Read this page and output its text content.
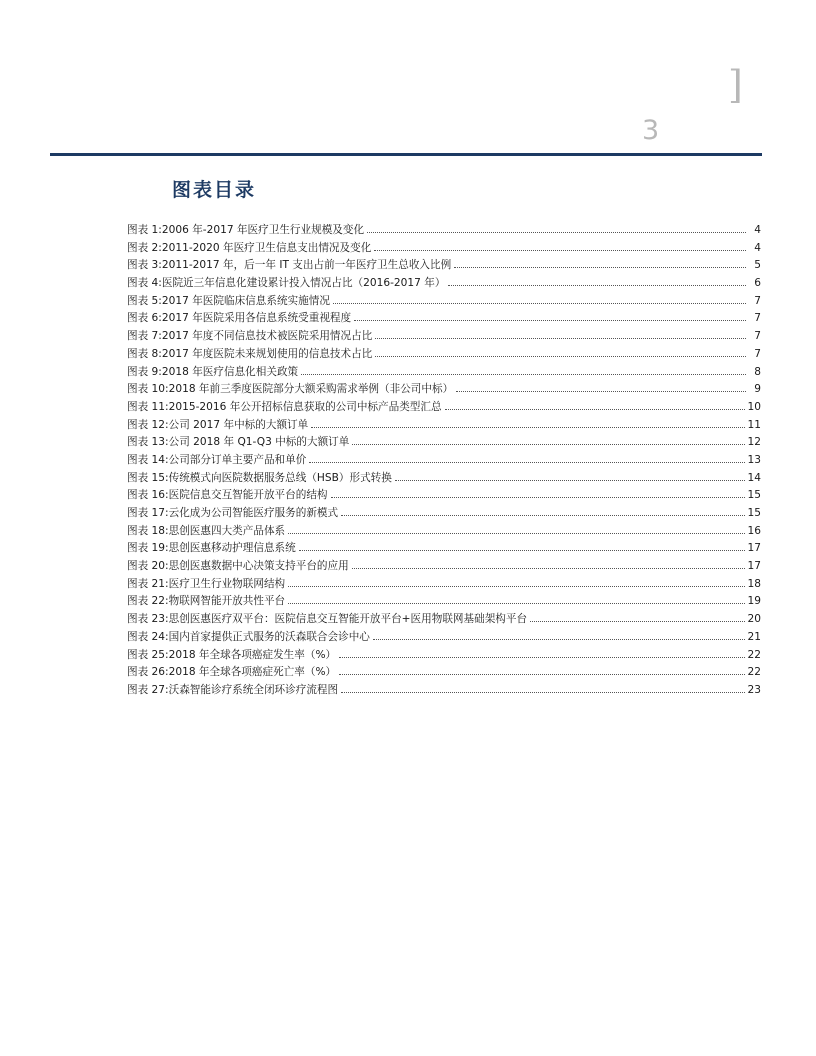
]
3
图表目录
图表 1: 2006 年-2017 年医疗卫生行业规模及变化	4
图表 2: 2011-2020 年医疗卫生信息支出情况及变化	4
图表 3: 2011-2017 年，后一年 IT 支出占前一年医疗卫生总收入比例	5
图表 4: 医院近三年信息化建设累计投入情况占比（2016-2017 年）	6
图表 5: 2017 年医院临床信息系统实施情况	7
图表 6: 2017 年医院采用各信息系统受重视程度	7
图表 7: 2017 年度不同信息技术被医院采用情况占比	7
图表 8: 2017 年度医院未来规划使用的信息技术占比	7
图表 9: 2018 年医疗信息化相关政策	8
图表 10: 2018 年前三季度医院部分大额采购需求举例（非公司中标）	9
图表 11: 2015-2016 年公开招标信息获取的公司中标产品类型汇总	10
图表 12: 公司 2017 年中标的大额订单	11
图表 13: 公司 2018 年 Q1-Q3 中标的大额订单	12
图表 14: 公司部分订单主要产品和单价	13
图表 15: 传统模式向医院数据服务总线（HSB）形式转换	14
图表 16: 医院信息交互智能开放平台的结构	15
图表 17: 云化成为公司智能医疗服务的新模式	15
图表 18: 思创医惠四大类产品体系	16
图表 19: 思创医惠移动护理信息系统	17
图表 20: 思创医惠数据中心决策支持平台的应用	17
图表 21: 医疗卫生行业物联网结构	18
图表 22: 物联网智能开放共性平台	19
图表 23: 思创医惠医疗双平台：医院信息交互智能开放平台+医用物联网基础架构平台	20
图表 24: 国内首家提供正式服务的沃森联合会诊中心	21
图表 25: 2018 年全球各项癌症发生率（%）	22
图表 26: 2018 年全球各项癌症死亡率（%）	22
图表 27: 沃森智能诊疗系统全闭环诊疗流程图	23
